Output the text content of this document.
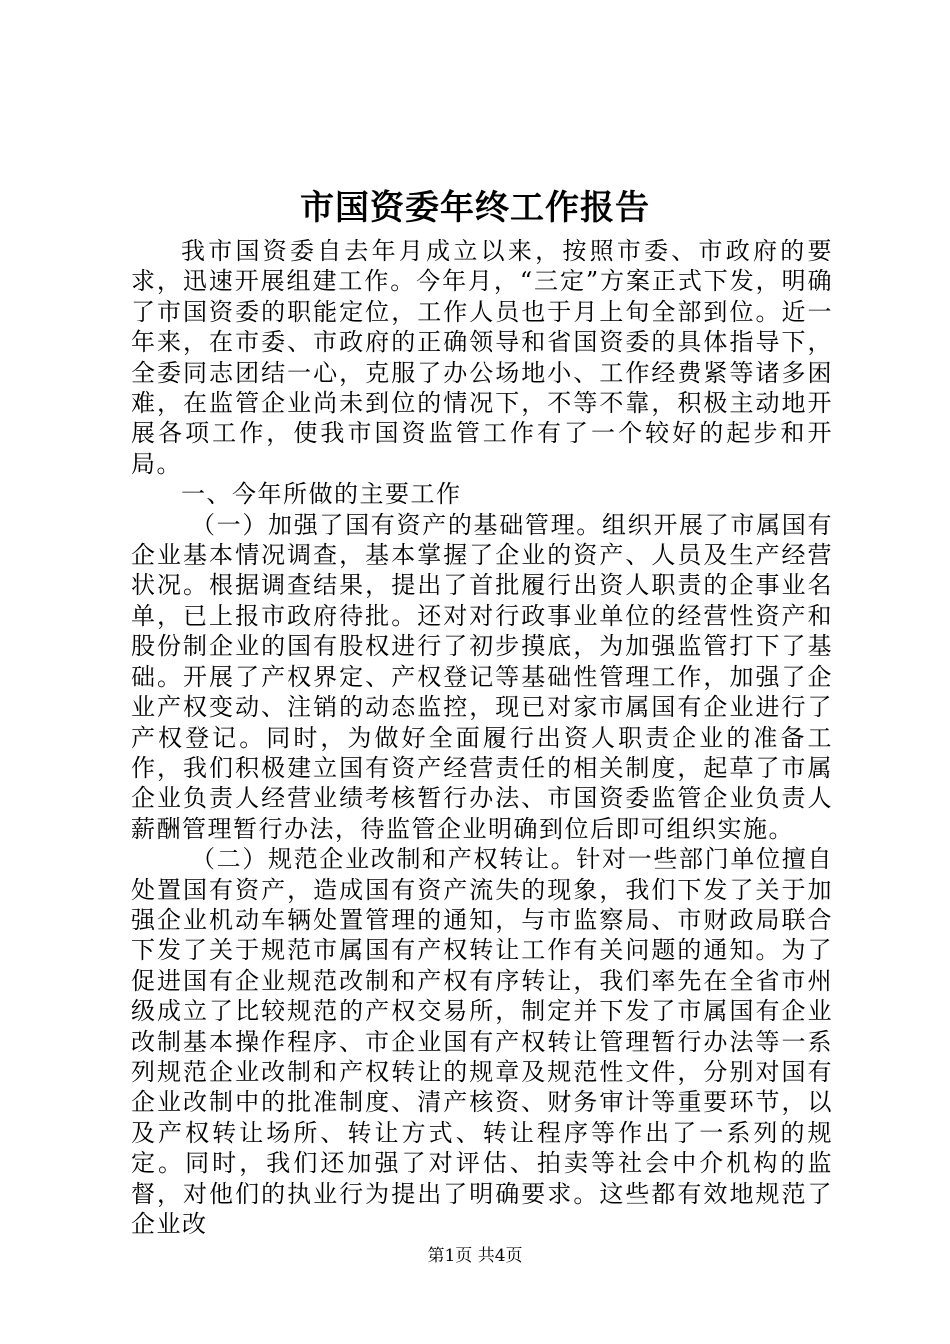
市国资委年终工作报告

我市国资委自去年月成立以来，按照市委、市政府的要求，迅速开展组建工作。今年月，“三定”方案正式下发，明确了市国资委的职能定位，工作人员也于月上旬全部到位。近一年来，在市委、市政府的正确领导和省国资委的具体指导下，全委同志团结一心，克服了办公场地小、工作经费紧等诸多困难，在监管企业尚未到位的情况下，不等不靠，积极主动地开展各项工作，使我市国资监管工作有了一个较好的起步和开局。

一、今年所做的主要工作

（一）加强了国有资产的基础管理。组织开展了市属国有企业基本情况调查，基本掌握了企业的资产、人员及生产经营状况。根据调查结果，提出了首批履行出资人职责的企事业名单，已上报市政府待批。还对对行政事业单位的经营性资产和股份制企业的国有股权进行了初步摸底，为加强监管打下了基础。开展了产权界定、产权登记等基础性管理工作，加强了企业产权变动、注销的动态监控，现已对家市属国有企业进行了产权登记。同时，为做好全面履行出资人职责企业的准备工作，我们积极建立国有资产经营责任的相关制度，起草了市属企业负责人经营业绩考核暂行办法、市国资委监管企业负责人薪酬管理暂行办法，待监管企业明确到位后即可组织实施。

（二）规范企业改制和产权转让。针对一些部门单位擅自处置国有资产，造成国有资产流失的现象，我们下发了关于加强企业机动车辆处置管理的通知，与市监察局、市财政局联合下发了关于规范市属国有产权转让工作有关问题的通知。为了促进国有企业规范改制和产权有序转让，我们率先在全省市州级成立了比较规范的产权交易所，制定并下发了市属国有企业改制基本操作程序、市企业国有产权转让管理暂行办法等一系列规范企业改制和产权转让的规章及规范性文件，分别对国有企业改制中的批准制度、清产核资、财务审计等重要环节，以及产权转让场所、转让方式、转让程序等作出了一系列的规定。同时，我们还加强了对评估、拍卖等社会中介机构的监督，对他们的执业行为提出了明确要求。这些都有效地规范了企业改

第1页 共4页
